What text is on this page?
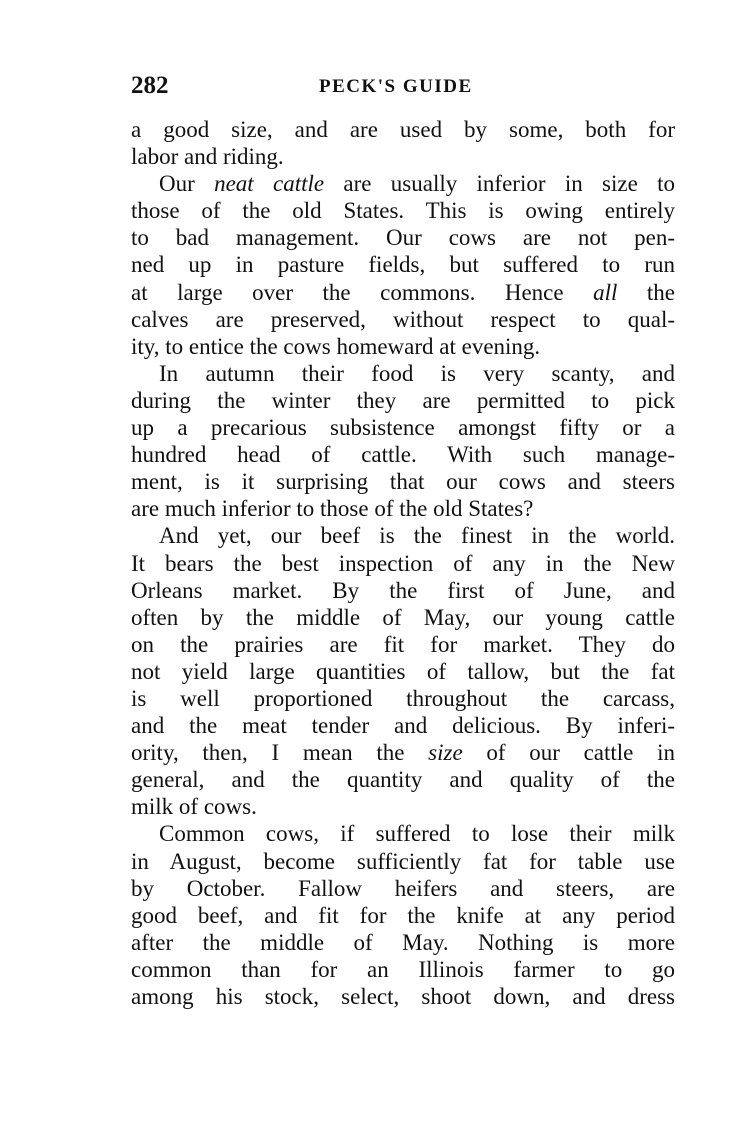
282	PECK'S GUIDE
a good size, and are used by some, both for
labor and riding.
Our neat cattle are usually inferior in size to
those of the old States. This is owing entirely
to bad management. Our cows are not pen-
ned up in pasture fields, but suffered to run
at large over the commons. Hence all the
calves are preserved, without respect to qual-
ity, to entice the cows homeward at evening.
In autumn their food is very scanty, and
during the winter they are permitted to pick
up a precarious subsistence amongst fifty or a
hundred head of cattle. With such manage-
ment, is it surprising that our cows and steers
are much inferior to those of the old States?
And yet, our beef is the finest in the world.
It bears the best inspection of any in the New
Orleans market. By the first of June, and
often by the middle of May, our young cattle
on the prairies are fit for market. They do
not yield large quantities of tallow, but the fat
is well proportioned throughout the carcass,
and the meat tender and delicious. By inferi-
ority, then, I mean the size of our cattle in
general, and the quantity and quality of the
milk of cows.
Common cows, if suffered to lose their milk
in August, become sufficiently fat for table use
by October. Fallow heifers and steers, are
good beef, and fit for the knife at any period
after the middle of May. Nothing is more
common than for an Illinois farmer to go
among his stock, select, shoot down, and dress
